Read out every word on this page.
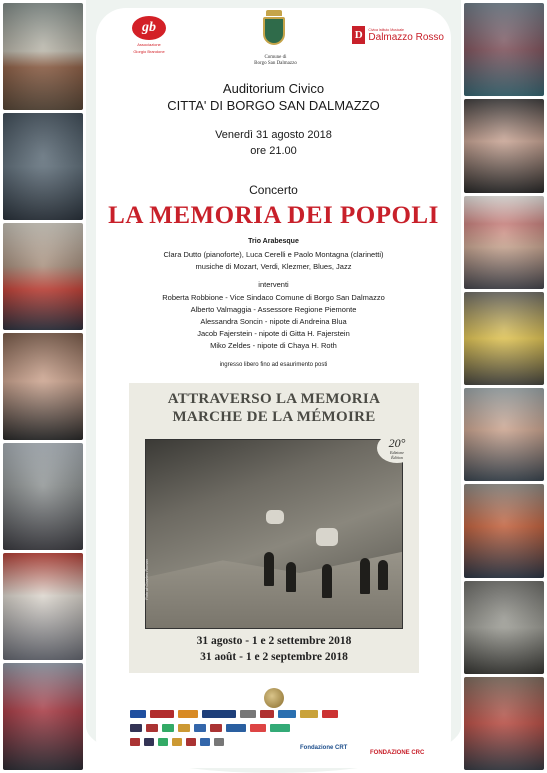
gb
Associazione
Giorgio Brandone
Comune di
Borgo San Dalmazzo
D	Civica Istituto Musicale
Dalmazzo Rosso
Auditorium Civico
CITTA' DI BORGO SAN DALMAZZO
Venerdì 31 agosto 2018
ore 21.00
Concerto
LA MEMORIA DEI POPOLI
Trio Arabesque
Clara Dutto (pianoforte), Luca Cerelli e Paolo Montagna (clarinetti)
musiche di Mozart, Verdi, Klezmer, Blues, Jazz
interventi
Roberta Robbione - Vice Sindaco Comune di Borgo San Dalmazzo
Alberto Valmaggia - Assessore Regione Piemonte
Alessandra Soncin - nipote di Andreina Blua
Jacob Fajerstein - nipote di Gitta H. Fajerstein
Miko Zeldes - nipote di Chaya H. Roth
ingresso libero fino ad esaurimento posti
ATTRAVERSO LA MEMORIA
MARCHE DE LA MÉMOIRE
Foto di Charles Roman
20°
Edizione
Édition
31 agosto - 1 e 2 settembre 2018
31 août - 1 e 2 septembre 2018
Fondazione CRT
FONDAZIONE CRC
